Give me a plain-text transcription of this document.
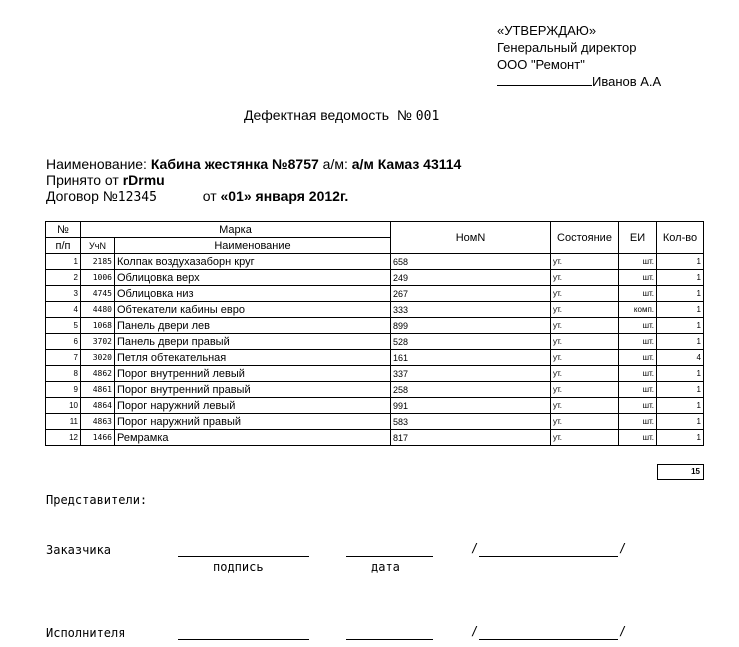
«УТВЕРЖДАЮ»
Генеральный директор
ООО "Ремонт"
Иванов А.А
Дефектная ведомость № 001
Наименование: Кабина жестянка №8757 а/м: а/м Камаз 43114
Принято от rDrmu
Договор №12345	от «01» января 2012г.
№	Марка		НомN	Состояние	ЕИ	Кол-во
п/п	УчN	Наименование				
1	2185	Колпак воздухазаборн круг	658	ут.	шт.	1
2	1006	Облицовка верх	249	ут.	шт.	1
3	4745	Облицовка низ	267	ут.	шт.	1
4	4480	Обтекатели кабины евро	333	ут.	комп.	1
5	1068	Панель двери лев	899	ут.	шт.	1
6	3702	Панель двери правый	528	ут.	шт.	1
7	3020	Петля обтекательная	161	ут.	шт.	4
8	4862	Порог внутренний левый	337	ут.	шт.	1
9	4861	Порог внутренний правый	258	ут.	шт.	1
10	4864	Порог наружний левый	991	ут.	шт.	1
11	4863	Порог наружний правый	583	ут.	шт.	1
12	1466	Ремрамка	817	ут.	шт.	1
15
Представители:
Заказчика	/	/
подпись	дата
Исполнителя	/	/
